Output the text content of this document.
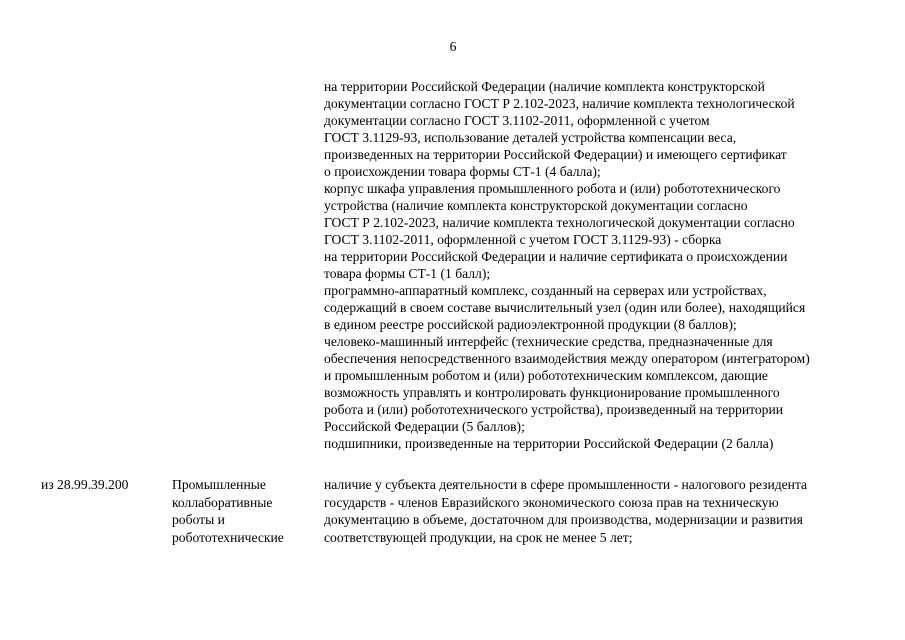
6
на территории Российской Федерации (наличие комплекта конструкторской
документации согласно ГОСТ Р 2.102-2023, наличие комплекта технологической
документации согласно ГОСТ 3.1102-2011, оформленной с учетом
ГОСТ 3.1129-93, использование деталей устройства компенсации веса,
произведенных на территории Российской Федерации) и имеющего сертификат
о происхождении товара формы СТ-1 (4 балла);
корпус шкафа управления промышленного робота и (или) робототехнического
устройства (наличие комплекта конструкторской документации согласно
ГОСТ Р 2.102-2023, наличие комплекта технологической документации согласно
ГОСТ 3.1102-2011, оформленной с учетом ГОСТ 3.1129-93) - сборка
на территории Российской Федерации и наличие сертификата о происхождении
товара формы СТ-1 (1 балл);
программно-аппаратный комплекс, созданный на серверах или устройствах,
содержащий в своем составе вычислительный узел (один или более), находящийся
в едином реестре российской радиоэлектронной продукции (8 баллов);
человеко-машинный интерфейс (технические средства, предназначенные для
обеспечения непосредственного взаимодействия между оператором (интегратором)
и промышленным роботом и (или) робототехническим комплексом, дающие
возможность управлять и контролировать функционирование промышленного
робота и (или) робототехнического устройства), произведенный на территории
Российской Федерации (5 баллов);
подшипники, произведенные на территории Российской Федерации (2 балла)
из 28.99.39.200	Промышленные
коллаборативные
роботы и
робототехнические
наличие у субъекта деятельности в сфере промышленности - налогового резидента
государств - членов Евразийского экономического союза прав на техническую
документацию в объеме, достаточном для производства, модернизации и развития
соответствующей продукции, на срок не менее 5 лет;
